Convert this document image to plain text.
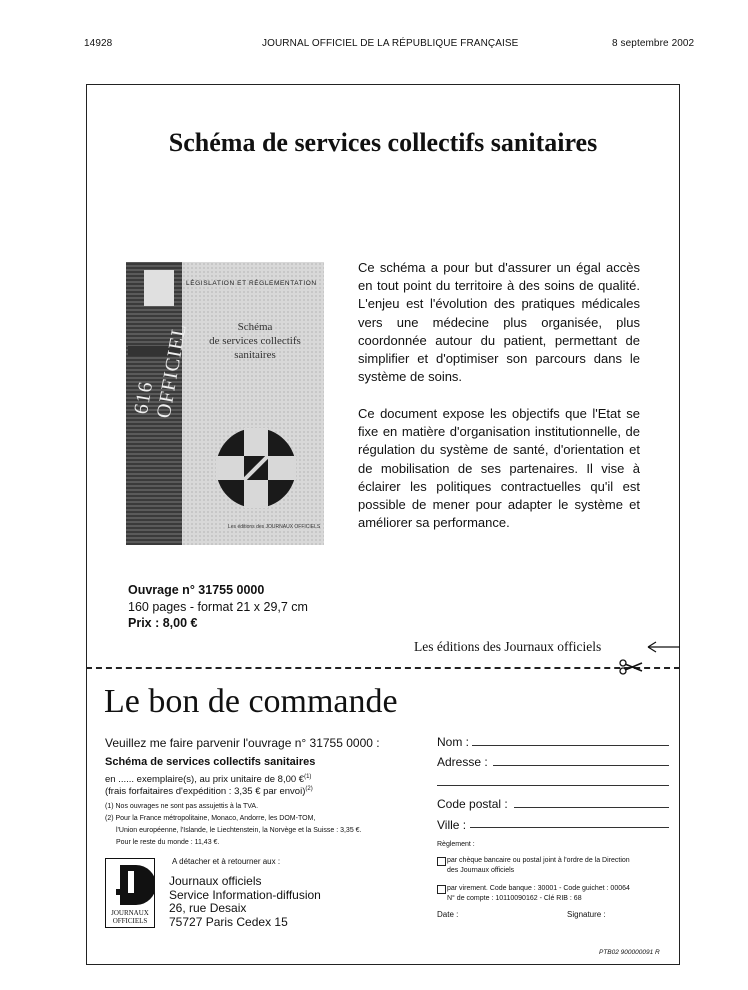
14928	JOURNAL OFFICIEL DE LA RÉPUBLIQUE FRANÇAISE	8 septembre 2002
Schéma de services collectifs sanitaires
616 OFFICIEL
LÉGISLATION ET RÉGLEMENTATION
Schéma
de services collectifs
sanitaires
Les éditions des JOURNAUX OFFICIELS
Ce schéma a pour but d'assurer un égal accès en tout point du territoire à des soins de qualité. L'enjeu est l'évolution des pratiques médicales vers une médecine plus organisée, plus coordonnée autour du patient, permettant de simplifier et d'optimiser son parcours dans le système de soins.
Ce document expose les objectifs que l'Etat se fixe en matière d'organisation institutionnelle, de régulation du système de santé, d'orientation et de mobilisation de ses partenaires. Il vise à éclairer les politiques contractuelles qu'il est possible de mener pour adapter le système et améliorer sa performance.
Ouvrage n° 31755 0000
160 pages - format 21 x 29,7 cm
Prix : 8,00 €
Les éditions des Journaux officiels
Le bon de commande
Veuillez me faire parvenir l'ouvrage n° 31755 0000 :
Schéma de services collectifs sanitaires
en ...... exemplaire(s), au prix unitaire de 8,00 €$^{(1)}$
(frais forfaitaires d'expédition : 3,35 € par envoi)$^{(2)}$
(1) Nos ouvrages ne sont pas assujettis à la TVA.
(2) Pour la France métropolitaine, Monaco, Andorre, les DOM-TOM,
l'Union européenne, l'Islande, le Liechtenstein, la Norvège et la Suisse : 3,35 €.
Pour le reste du monde : 11,43 €.
JOURNAUX
OFFICIELS
A détacher et à retourner aux :
Journaux officiels
Service Information-diffusion
26, rue Desaix
75727 Paris Cedex 15
Nom :
Adresse :
Code postal :
Ville :
Règlement :
par chèque bancaire ou postal joint à l'ordre de la Direction
des Journaux officiels
par virement. Code banque : 30001 - Code guichet : 00064
N° de compte : 10110090162 - Clé RIB : 68
Date :	Signature :
PTB02 900000091 R
